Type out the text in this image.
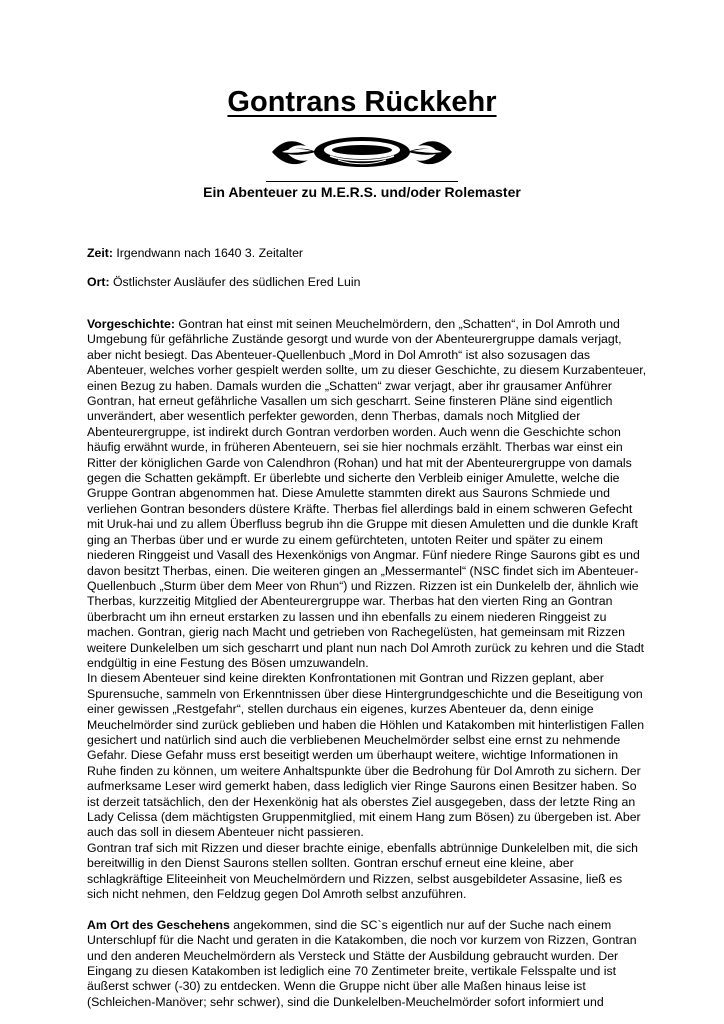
Gontrans Rückkehr
Ein Abenteuer zu M.E.R.S. und/oder Rolemaster
Zeit: Irgendwann nach 1640 3. Zeitalter
Ort: Östlichster Ausläufer des südlichen Ered Luin

Vorgeschichte: Gontran hat einst mit seinen Meuchelmördern, den „Schatten“, in Dol Amroth und Umgebung für gefährliche Zustände gesorgt und wurde von der Abenteurergruppe damals verjagt, aber nicht besiegt. Das Abenteuer-Quellenbuch „Mord in Dol Amroth“ ist also sozusagen das Abenteuer, welches vorher gespielt werden sollte, um zu dieser Geschichte, zu diesem Kurzabenteuer, einen Bezug zu haben. Damals wurden die „Schatten“ zwar verjagt, aber ihr grausamer Anführer Gontran, hat erneut gefährliche Vasallen um sich gescharrt. Seine finsteren Pläne sind eigentlich unverändert, aber wesentlich perfekter geworden, denn Therbas, damals noch Mitglied der Abenteurergruppe, ist indirekt durch Gontran verdorben worden. Auch wenn die Geschichte schon häufig erwähnt wurde, in früheren Abenteuern, sei sie hier nochmals erzählt. Therbas war einst ein Ritter der königlichen Garde von Calendhron (Rohan) und hat mit der Abenteurergruppe von damals gegen die Schatten gekämpft. Er überlebte und sicherte den Verbleib einiger Amulette, welche die Gruppe Gontran abgenommen hat. Diese Amulette stammten direkt aus Saurons Schmiede und verliehen Gontran besonders düstere Kräfte. Therbas fiel allerdings bald in einem schweren Gefecht mit Uruk-hai und zu allem Überfluss begrub ihn die Gruppe mit diesen Amuletten und die dunkle Kraft ging an Therbas über und er wurde zu einem gefürchteten, untoten Reiter und später zu einem niederen Ringgeist und Vasall des Hexenkönigs von Angmar. Fünf niedere Ringe Saurons gibt es und davon besitzt Therbas, einen. Die weiteren gingen an „Messermantel“ (NSC findet sich im Abenteuer-Quellenbuch „Sturm über dem Meer von Rhun“) und Rizzen. Rizzen ist ein Dunkelelb der, ähnlich wie Therbas, kurzzeitig Mitglied der Abenteurergruppe war. Therbas hat den vierten Ring an Gontran überbracht um ihn erneut erstarken zu lassen und ihn ebenfalls zu einem niederen Ringgeist zu machen. Gontran, gierig nach Macht und getrieben von Rachegelüsten, hat gemeinsam mit Rizzen weitere Dunkelelben um sich gescharrt und plant nun nach Dol Amroth zurück zu kehren und die Stadt endgültig in eine Festung des Bösen umzuwandeln.

In diesem Abenteuer sind keine direkten Konfrontationen mit Gontran und Rizzen geplant, aber Spurensuche, sammeln von Erkenntnissen über diese Hintergrundgeschichte und die Beseitigung von einer gewissen „Restgefahr“, stellen durchaus ein eigenes, kurzes Abenteuer da, denn einige Meuchelmörder sind zurück geblieben und haben die Höhlen und Katakomben mit hinterlistigen Fallen gesichert und natürlich sind auch die verbliebenen Meuchelmörder selbst eine ernst zu nehmende Gefahr. Diese Gefahr muss erst beseitigt werden um überhaupt weitere, wichtige Informationen in Ruhe finden zu können, um weitere Anhaltspunkte über die Bedrohung für Dol Amroth zu sichern. Der aufmerksame Leser wird gemerkt haben, dass lediglich vier Ringe Saurons einen Besitzer haben. So ist derzeit tatsächlich, den der Hexenkönig hat als oberstes Ziel ausgegeben, dass der letzte Ring an Lady Celissa (dem mächtigsten Gruppenmitglied, mit einem Hang zum Bösen) zu übergeben ist. Aber auch das soll in diesem Abenteuer nicht passieren.

Gontran traf sich mit Rizzen und dieser brachte einige, ebenfalls abtrünnige Dunkelelben mit, die sich bereitwillig in den Dienst Saurons stellen sollten. Gontran erschuf erneut eine kleine, aber schlagkräftige Eliteeinheit von Meuchelmördern und Rizzen, selbst ausgebildeter Assasine, ließ es sich nicht nehmen, den Feldzug gegen Dol Amroth selbst anzuführen.

Am Ort des Geschehens angekommen, sind die SC`s eigentlich nur auf der Suche nach einem Unterschlupf für die Nacht und geraten in die Katakomben, die noch vor kurzem von Rizzen, Gontran und den anderen Meuchelmördern als Versteck und Stätte der Ausbildung gebraucht wurden. Der Eingang zu diesen Katakomben ist lediglich eine 70 Zentimeter breite, vertikale Felsspalte und ist äußerst schwer (-30) zu entdecken. Wenn die Gruppe nicht über alle Maßen hinaus leise ist (Schleichen-Manöver; sehr schwer), sind die Dunkelelben-Meuchelmörder sofort informiert und
